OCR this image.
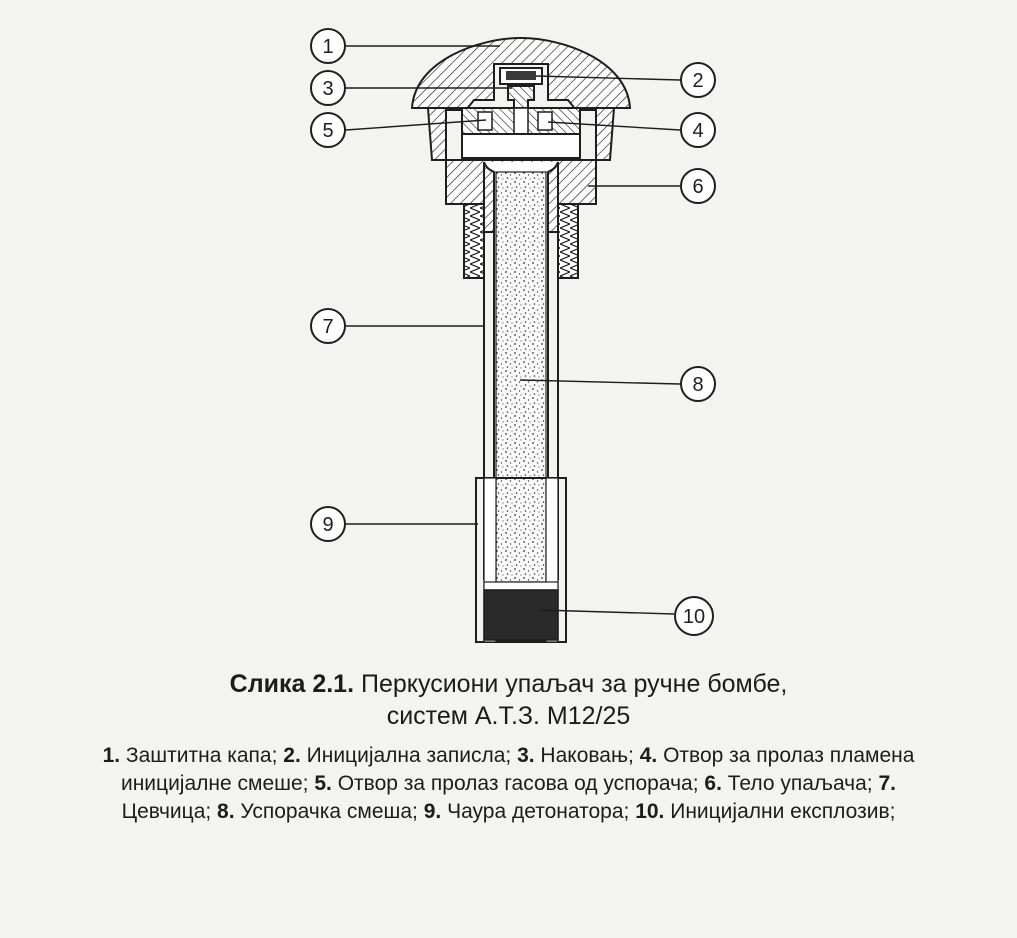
1
3
5
2
4
6
7
8
9
10
Слика 2.1. Перкусиони упаљач за ручне бомбе,
систем А.Т.З. М12/25
1. Заштитна капа; 2. Иницијална записла; 3. Наковањ; 4. Отвор за пролаз пламена иницијалне смеше; 5. Отвор за пролаз гасова од успорача; 6. Тело упаљача; 7. Цевчица; 8. Успорачка смеша; 9. Чаура детонатора; 10. Иницијални експлозив;
